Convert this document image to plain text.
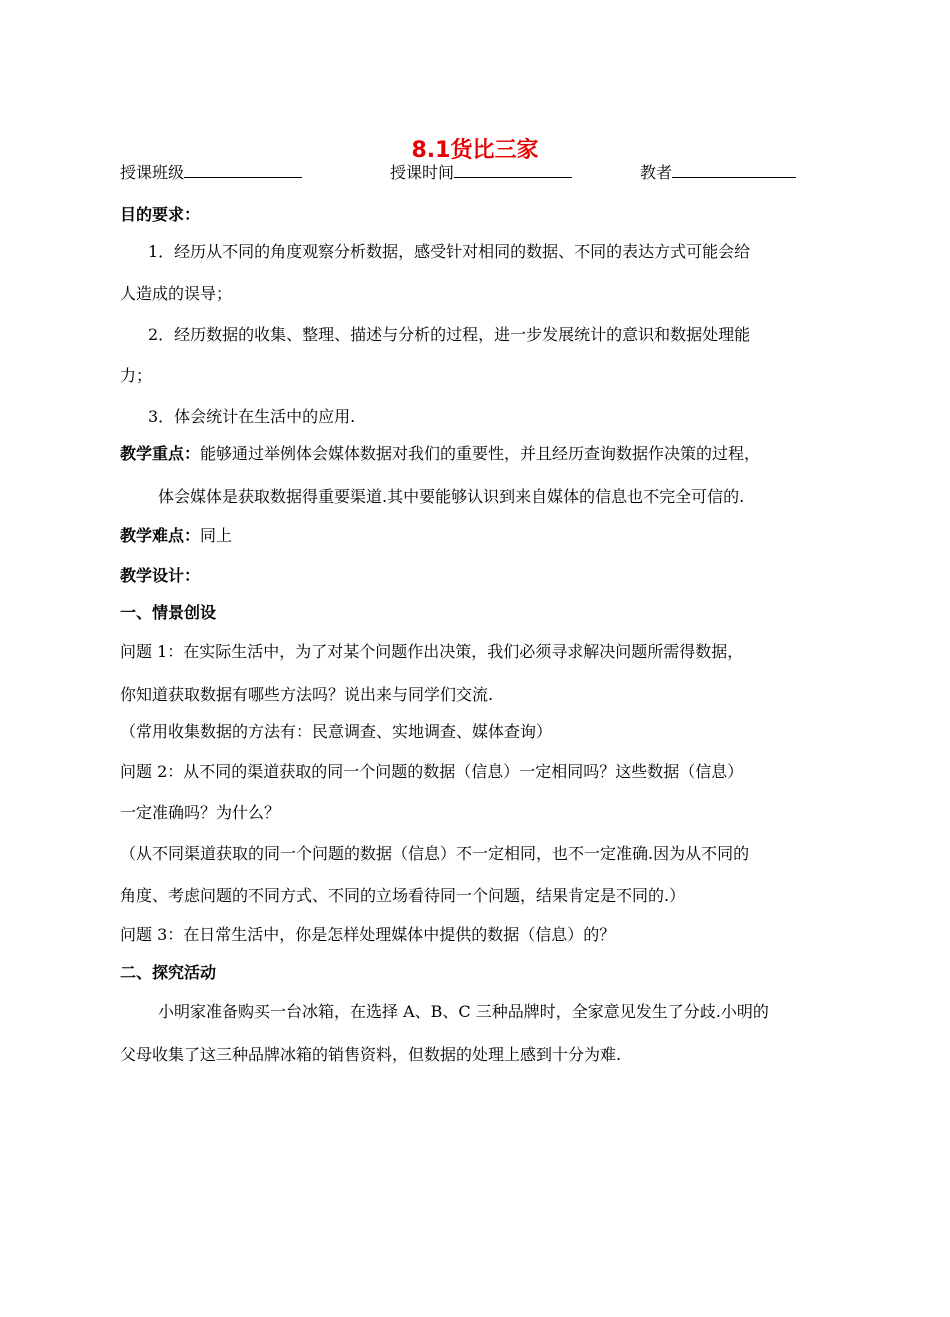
8.1货比三家
授课班级	授课时间	教者
目的要求：
1．经历从不同的角度观察分析数据，感受针对相同的数据、不同的表达方式可能会给
人造成的误导；
2．经历数据的收集、整理、描述与分析的过程，进一步发展统计的意识和数据处理能
力；
3．体会统计在生活中的应用.
教学重点：能够通过举例体会媒体数据对我们的重要性，并且经历查询数据作决策的过程，
体会媒体是获取数据得重要渠道.其中要能够认识到来自媒体的信息也不完全可信的.
教学难点：同上
教学设计：
一、情景创设
问题 1：在实际生活中，为了对某个问题作出决策，我们必须寻求解决问题所需得数据，
你知道获取数据有哪些方法吗？说出来与同学们交流.
（常用收集数据的方法有：民意调查、实地调查、媒体查询）
问题 2：从不同的渠道获取的同一个问题的数据（信息）一定相同吗？这些数据（信息）
一定准确吗？为什么？
（从不同渠道获取的同一个问题的数据（信息）不一定相同，也不一定准确.因为从不同的
角度、考虑问题的不同方式、不同的立场看待同一个问题，结果肯定是不同的.）
问题 3：在日常生活中，你是怎样处理媒体中提供的数据（信息）的？
二、探究活动
小明家准备购买一台冰箱，在选择 A、B、C 三种品牌时，全家意见发生了分歧.小明的
父母收集了这三种品牌冰箱的销售资料，但数据的处理上感到十分为难.
